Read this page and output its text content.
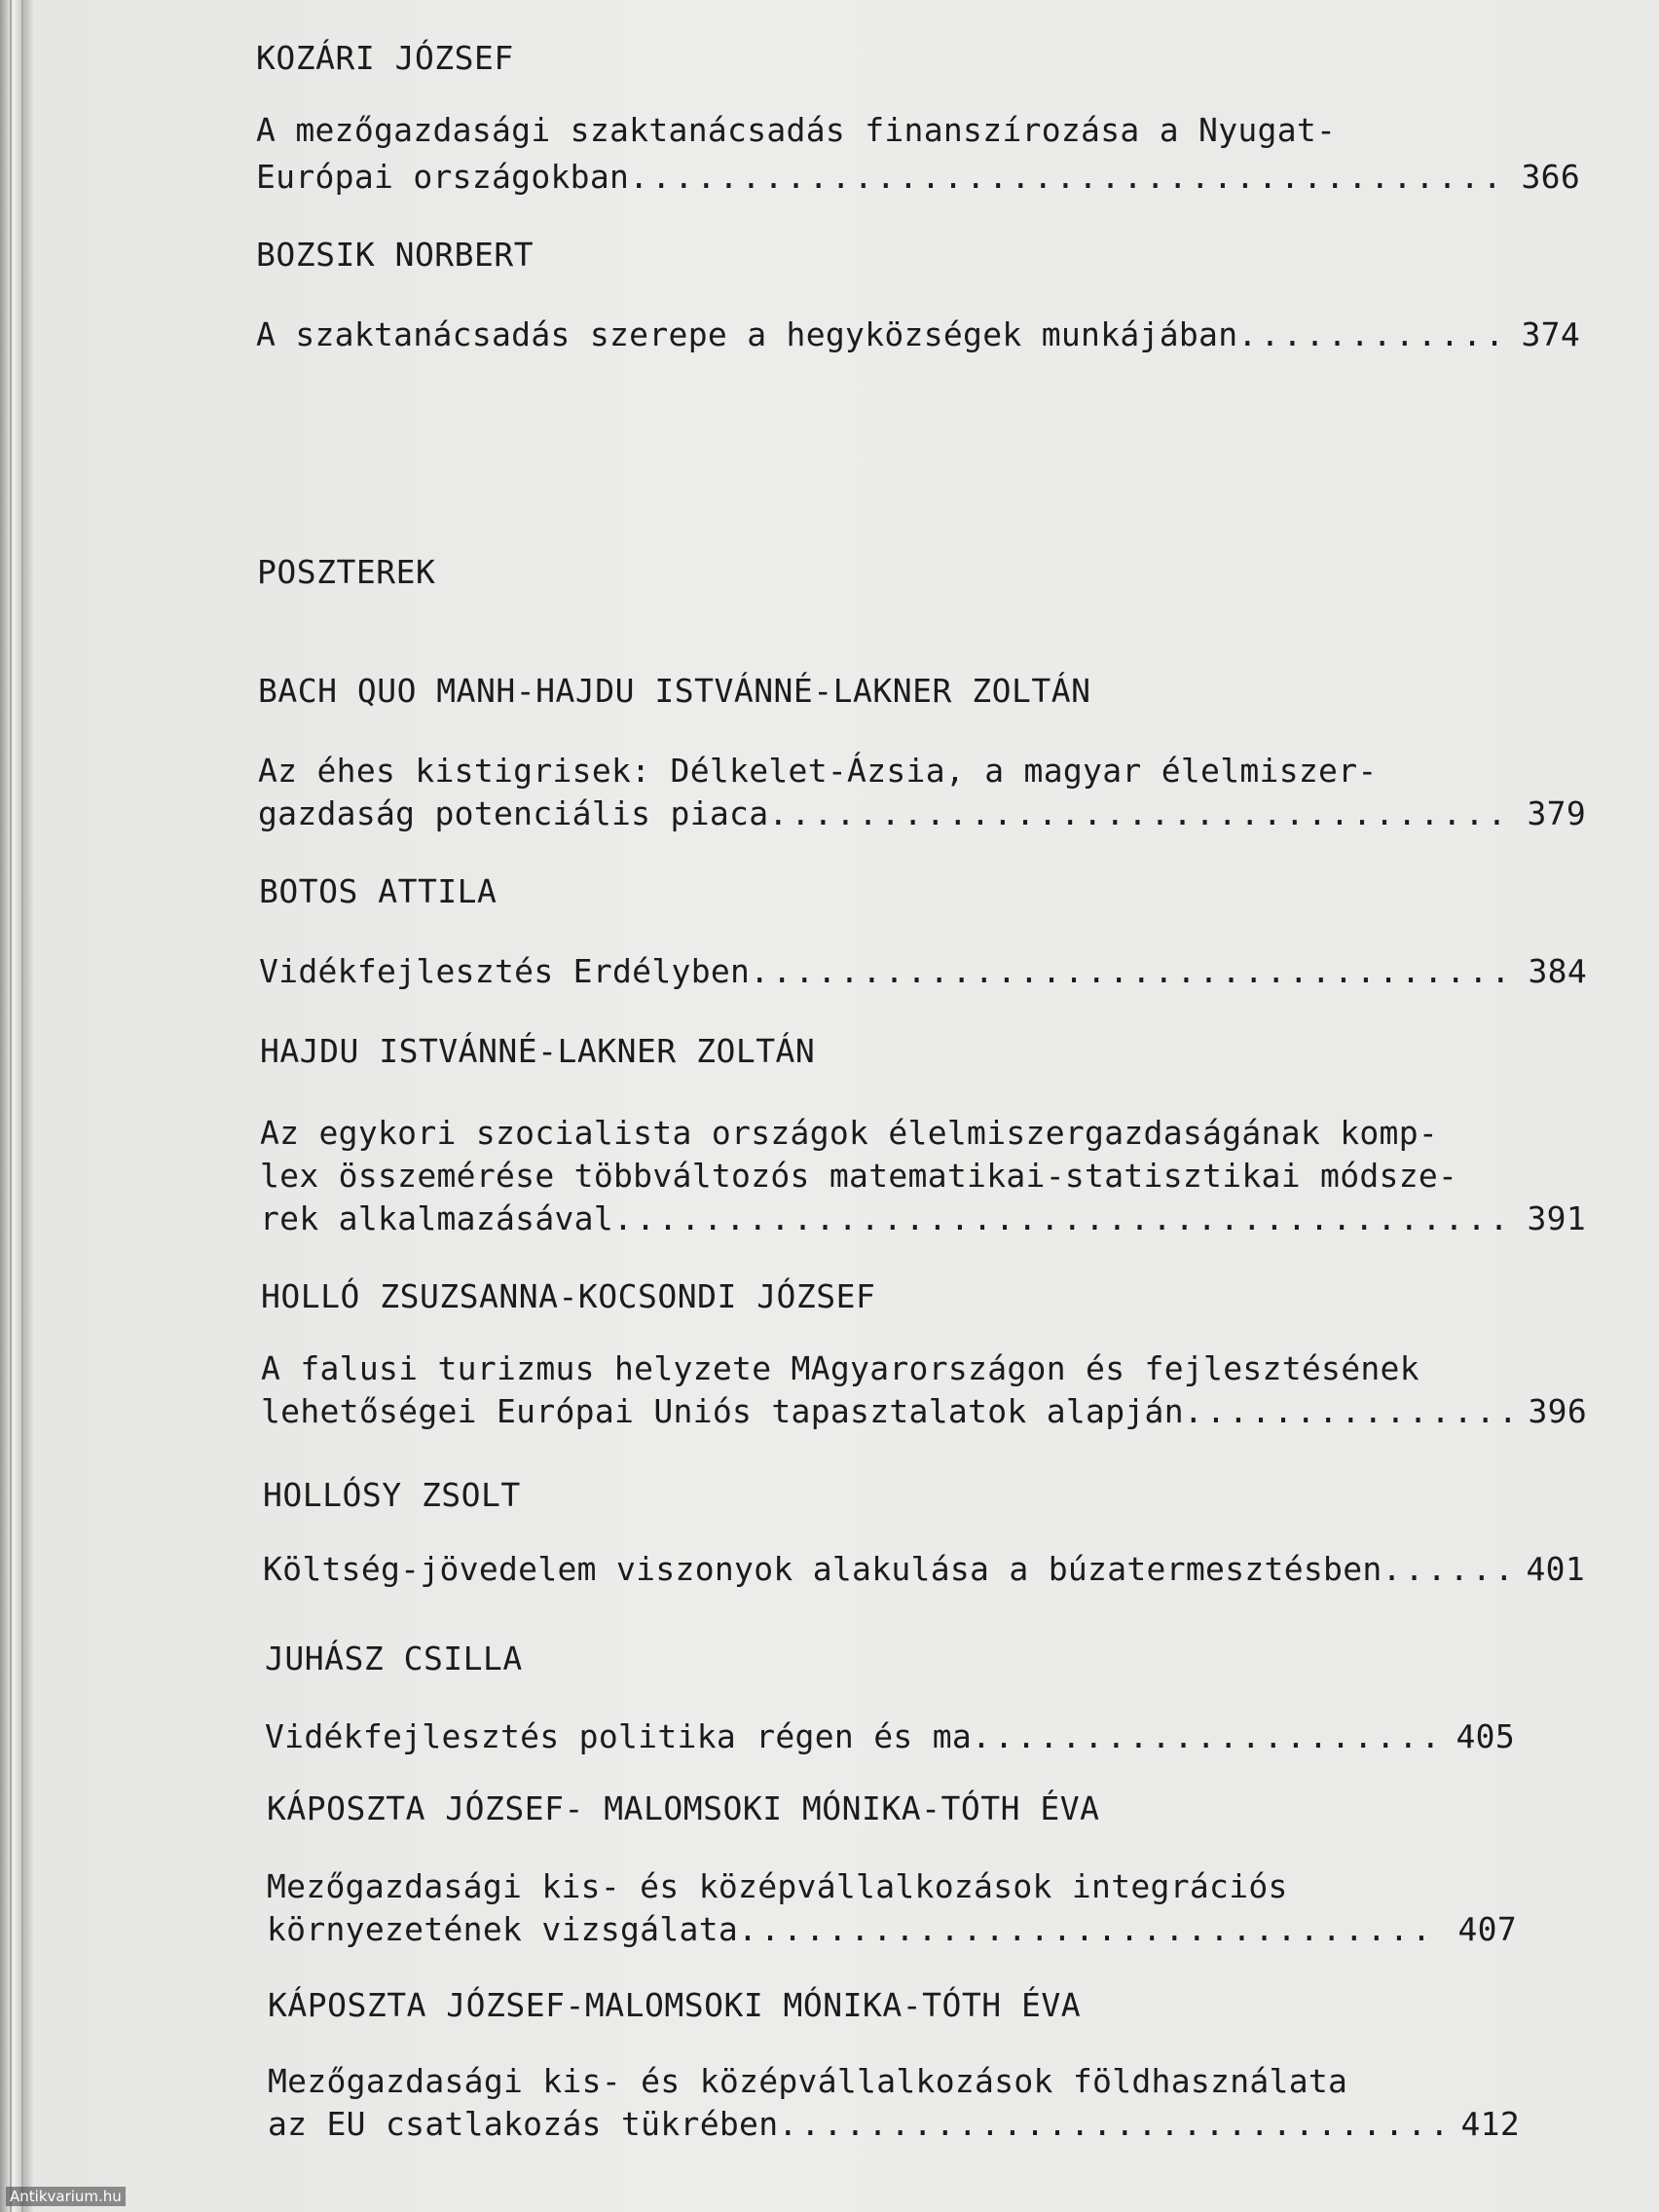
KOZÁRI JÓZSEF
A mezőgazdasági szaktanácsadás finanszírozása a Nyugat-
Európai országokban .....	366
BOZSIK NORBERT
A szaktanácsadás szerepe a hegyközségek munkájában .....	374
POSZTEREK
BACH QUO MANH-HAJDU ISTVÁNNÉ-LAKNER ZOLTÁN
Az éhes kistigrisek: Délkelet-Ázsia, a magyar élelmiszer-
gazdaság potenciális piaca .....	379
BOTOS ATTILA
Vidékfejlesztés Erdélyben .....	384
HAJDU ISTVÁNNÉ-LAKNER ZOLTÁN
Az egykori szocialista országok élelmiszergazdaságának komp-
lex összemérése többváltozós matematikai-statisztikai módsze-
rek alkalmazásával .....	391
HOLLÓ ZSUZSANNA-KOCSONDI JÓZSEF
A falusi turizmus helyzete MAgyarországon és fejlesztésének
lehetőségei Európai Uniós tapasztalatok alapján .....	396
HOLLÓSY ZSOLT
Költség-jövedelem viszonyok alakulása a búzatermesztésben .....	401
JUHÁSZ CSILLA
Vidékfejlesztés politika régen és ma .....	405
KÁPOSZTA JÓZSEF- MALOMSOKI MÓNIKA-TÓTH ÉVA
Mezőgazdasági kis- és középvállalkozások integrációs
környezetének vizsgálata .....	407
KÁPOSZTA JÓZSEF-MALOMSOKI MÓNIKA-TÓTH ÉVA
Mezőgazdasági kis- és középvállalkozások földhasználata
az EU csatlakozás tükrében .....	412
Antikvarium.hu
